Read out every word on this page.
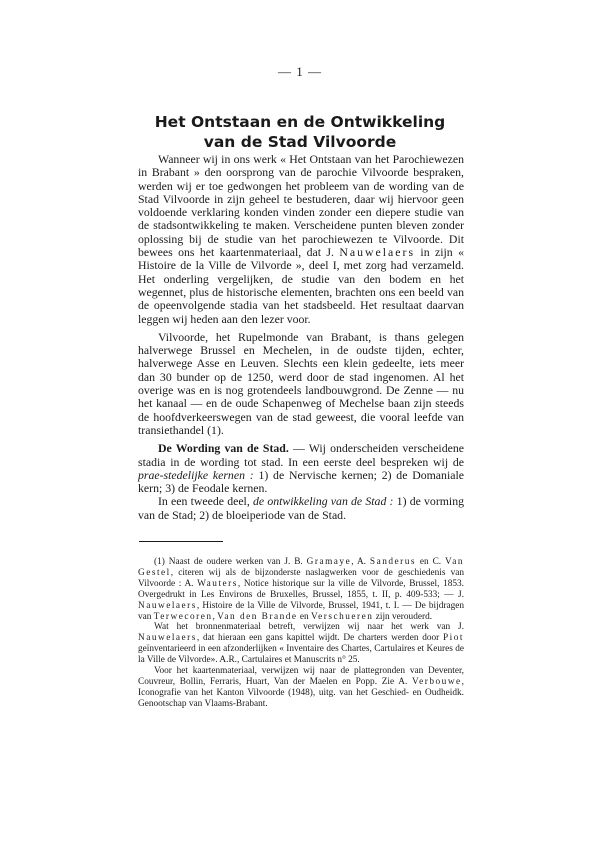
— 1 —
Het Ontstaan en de Ontwikkeling
van de Stad Vilvoorde

Wanneer wij in ons werk « Het Ontstaan van het Parochiewezen in Brabant » den oorsprong van de parochie Vilvoorde bespraken, werden wij er toe gedwongen het probleem van de wording van de Stad Vilvoorde in zijn geheel te bestuderen, daar wij hiervoor geen voldoende verklaring konden vinden zonder een diepere studie van de stadsontwikkeling te maken. Verscheidene punten bleven zonder oplossing bij de studie van het parochiewezen te Vilvoorde. Dit bewees ons het kaartenmateriaal, dat J. Nauwelaers in zijn « Histoire de la Ville de Vilvorde », deel I, met zorg had verzameld. Het onderling vergelijken, de studie van den bodem en het wegennet, plus de historische elementen, brachten ons een beeld van de opeenvolgende stadia van het stadsbeeld. Het resultaat daarvan leggen wij heden aan den lezer voor.

Vilvoorde, het Rupelmonde van Brabant, is thans gelegen halverwege Brussel en Mechelen, in de oudste tijden, echter, halverwege Asse en Leuven. Slechts een klein gedeelte, iets meer dan 30 bunder op de 1250, werd door de stad ingenomen. Al het overige was en is nog grotendeels landbouwgrond. De Zenne — nu het kanaal — en de oude Schapenweg of Mechelse baan zijn steeds de hoofdverkeerswegen van de stad geweest, die vooral leefde van transiethandel (1).

De Wording van de Stad. — Wij onderscheiden verscheidene stadia in de wording tot stad. In een eerste deel bespreken wij de prae-stedelijke kernen : 1) de Nervische kernen; 2) de Domaniale kern; 3) de Feodale kernen.

In een tweede deel, de ontwikkeling van de Stad : 1) de vorming van de Stad; 2) de bloeiperiode van de Stad.

(1) Naast de oudere werken van J. B. Gramaye, A. Sanderus en C. Van Gestel, citeren wij als de bijzonderste naslagwerken voor de geschiedenis van Vilvoorde : A. Wauters, Notice historique sur la ville de Vilvorde, Brussel, 1853. Overgedrukt in Les Environs de Bruxelles, Brussel, 1855, t. II, p. 409-533; — J. Nauwelaers, Histoire de la Ville de Vilvorde, Brussel, 1941, t. I. — De bijdragen van Terwecoren, Van den Brande en Verschueren zijn verouderd.

Wat het bronnenmateriaal betreft, verwijzen wij naar het werk van J. Nauwelaers, dat hieraan een gans kapittel wijdt. De charters werden door Piot geïnventarieerd in een afzonderlijken « Inventaire des Chartes, Cartulaires et Keures de la Ville de Vilvorde». A.R., Cartulaires et Manuscrits n° 25.

Voor het kaartenmateriaal, verwijzen wij naar de plattegronden van Deventer, Couvreur, Bollin, Ferraris, Huart, Van der Maelen en Popp. Zie A. Verbouwe, Iconografie van het Kanton Vilvoorde (1948), uitg. van het Geschied- en Oudheidk. Genootschap van Vlaams-Brabant.
